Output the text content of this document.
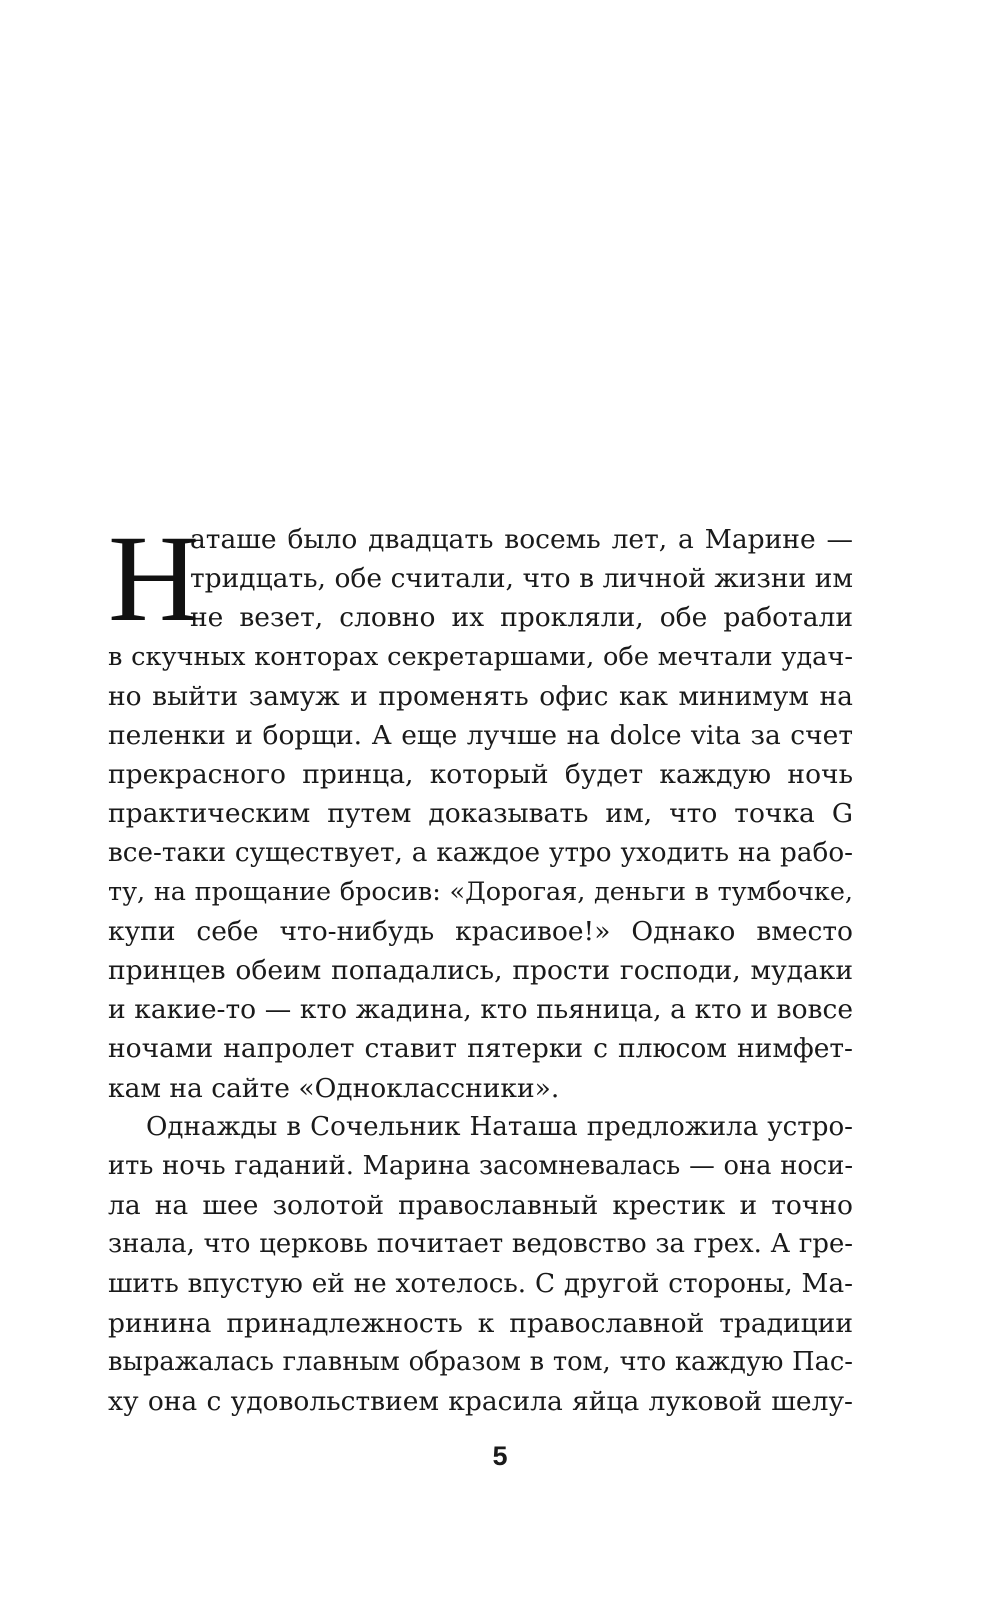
Н
аташе было двадцать восемь лет, а Марине —
тридцать, обе считали, что в личной жизни им
не везет, словно их прокляли, обе работали
в скучных конторах секретаршами, обе мечтали удач-
но выйти замуж и променять офис как минимум на
пеленки и борщи. А еще лучше на dolce vita за счет
прекрасного принца, который будет каждую ночь
практическим путем доказывать им, что точка G
все-таки существует, а каждое утро уходить на рабо-
ту, на прощание бросив: «Дорогая, деньги в тумбочке,
купи себе что-нибудь красивое!» Однако вместо
принцев обеим попадались, прости господи, мудаки
и какие-то — кто жадина, кто пьяница, а кто и вовсе
ночами напролет ставит пятерки с плюсом нимфет-
кам на сайте «Одноклассники».
Однажды в Сочельник Наташа предложила устро-
ить ночь гаданий. Марина засомневалась — она носи-
ла на шее золотой православный крестик и точно
знала, что церковь почитает ведовство за грех. А гре-
шить впустую ей не хотелось. С другой стороны, Ма-
ринина принадлежность к православной традиции
выражалась главным образом в том, что каждую Пас-
ху она с удовольствием красила яйца луковой шелу-
5
